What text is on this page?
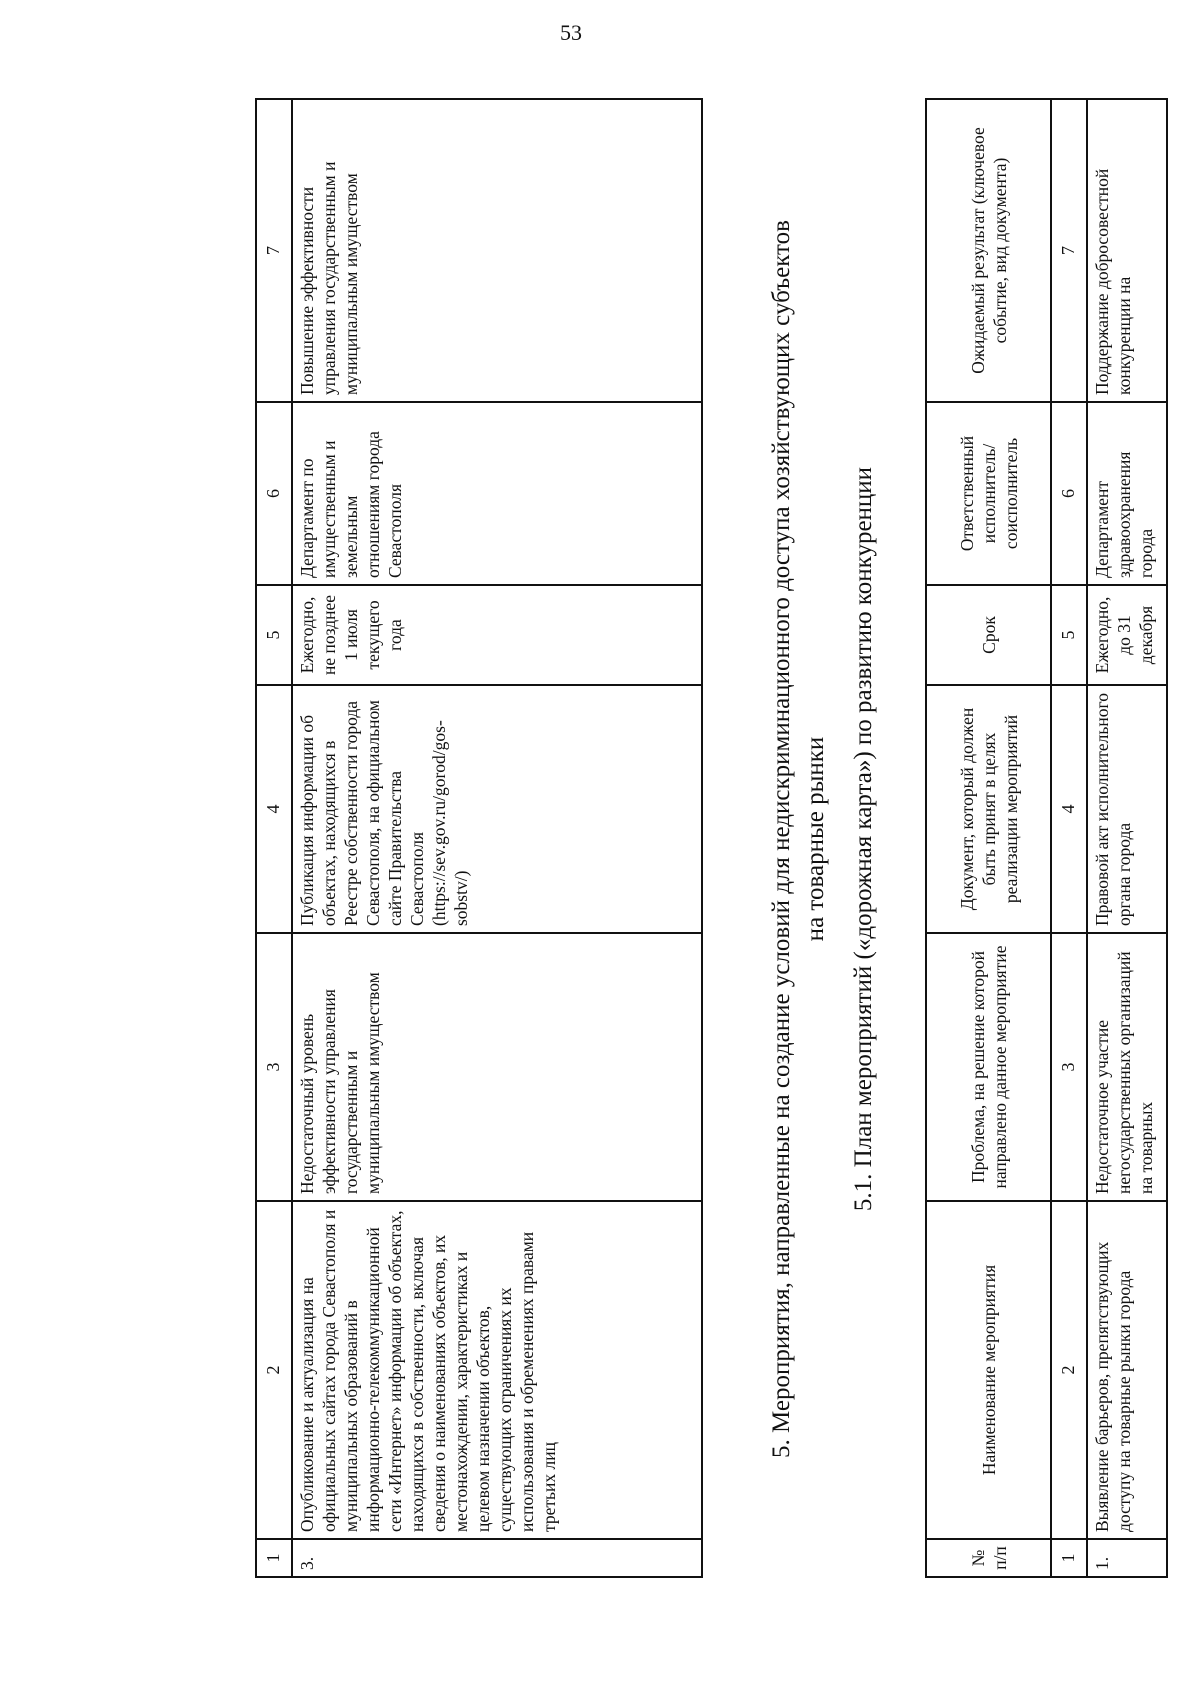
53
1	2	3	4	5	6	7
3.	Опубликование и актуализация на официальных сайтах города Севастополя и муниципальных образований в информационно-телекоммуникационной сети «Интернет» информации об объектах, находящихся в собственности, включая сведения о наименованиях объектов, их местонахождении, характеристиках и целевом назначении объектов, существующих ограничениях их использования и обременениях правами третьих лиц	Недостаточный уровень эффективности управления государственным и муниципальным имуществом	Публикация информации об объектах, находящихся в Реестре собственности города Севастополя, на официальном сайте Правительства Севастополя (https://sev.gov.ru/gorod/gos-sobstv/)	Ежегодно, не позднее 1 июля текущего года	Департамент по имущественным и земельным отношениям города Севастополя	Повышение эффективности управления государственным и муниципальным имуществом	5. Мероприятия, направленные на создание условий для недискриминационного доступа хозяйствующих субъектов на товарные рынки 5.1. План мероприятий («дорожная карта») по развитию конкуренции
№ п/п	Наименование мероприятия	Проблема, на решение которой направлено данное мероприятие	Документ, который должен быть принят в целях реализации мероприятий	Срок	Ответственный исполнитель/ соисполнитель	Ожидаемый результат (ключевое событие, вид документа)
1	2	3	4	5	6	7
1.	Выявление барьеров, препятствующих доступу на товарные рынки города	Недостаточное участие негосударственных организаций на товарных	Правовой акт исполнительного органа города	Ежегодно, до 31 декабря	Департамент здравоохранения города	Поддержание добросовестной конкуренции на
